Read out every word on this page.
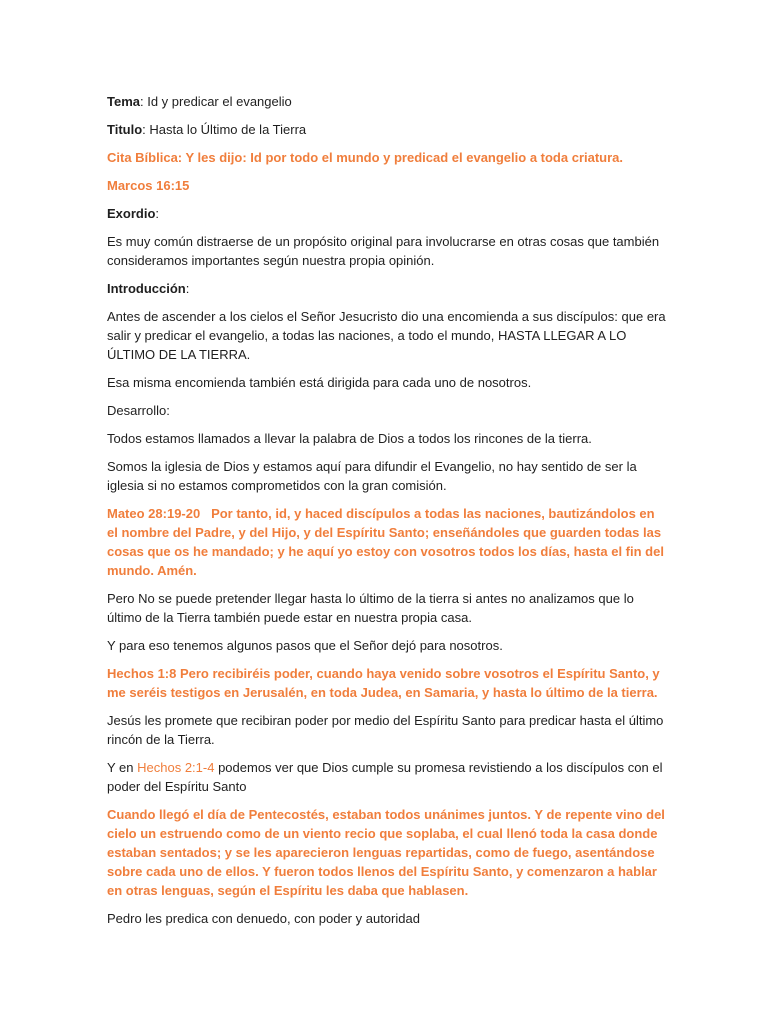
Tema: Id y predicar el evangelio

Titulo: Hasta lo Último de la Tierra

Cita Bíblica: Y les dijo: Id por todo el mundo y predicad el evangelio a toda criatura.

Marcos 16:15

Exordio:

Es muy común distraerse de un propósito original para involucrarse en otras cosas que también consideramos importantes según nuestra propia opinión.

Introducción:

Antes de ascender a los cielos el Señor Jesucristo dio una encomienda a sus discípulos: que era salir y predicar el evangelio, a todas las naciones, a todo el mundo, HASTA LLEGAR A LO ÚLTIMO DE LA TIERRA.

Esa misma encomienda también está dirigida para cada uno de nosotros.

Desarrollo:

Todos estamos llamados a llevar la palabra de Dios a todos los rincones de la tierra.

Somos la iglesia de Dios y estamos aquí para difundir el Evangelio, no hay sentido de ser la iglesia si no estamos comprometidos con la gran comisión.

Mateo 28:19-20 Por tanto, id, y haced discípulos a todas las naciones, bautizándolos en el nombre del Padre, y del Hijo, y del Espíritu Santo; enseñándoles que guarden todas las cosas que os he mandado; y he aquí yo estoy con vosotros todos los días, hasta el fin del mundo. Amén.

Pero No se puede pretender llegar hasta lo último de la tierra si antes no analizamos que lo último de la Tierra también puede estar en nuestra propia casa.

Y para eso tenemos algunos pasos que el Señor dejó para nosotros.

Hechos 1:8 Pero recibiréis poder, cuando haya venido sobre vosotros el Espíritu Santo, y me seréis testigos en Jerusalén, en toda Judea, en Samaria, y hasta lo último de la tierra.

Jesús les promete que recibiran poder por medio del Espíritu Santo para predicar hasta el último rincón de la Tierra.

Y en Hechos 2:1-4 podemos ver que Dios cumple su promesa revistiendo a los discípulos con el poder del Espíritu Santo

Cuando llegó el día de Pentecostés, estaban todos unánimes juntos. Y de repente vino del cielo un estruendo como de un viento recio que soplaba, el cual llenó toda la casa donde estaban sentados; y se les aparecieron lenguas repartidas, como de fuego, asentándose sobre cada uno de ellos. Y fueron todos llenos del Espíritu Santo, y comenzaron a hablar en otras lenguas, según el Espíritu les daba que hablasen.

Pedro les predica con denuedo, con poder y autoridad
